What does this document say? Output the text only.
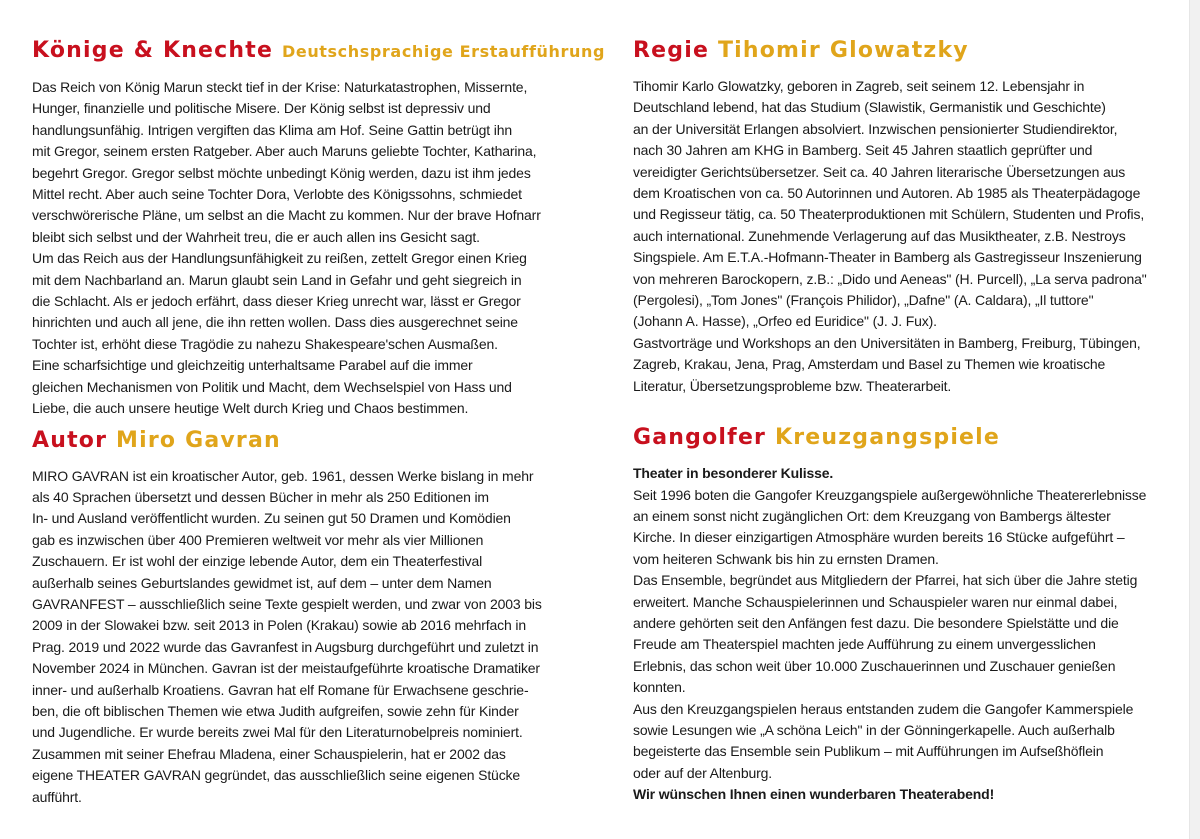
Könige & Knechte Deutschsprachige Erstaufführung

Das Reich von König Marun steckt tief in der Krise: Naturkatastrophen, Missernte,
Hunger, finanzielle und politische Misere. Der König selbst ist depressiv und
handlungsunfähig. Intrigen vergiften das Klima am Hof. Seine Gattin betrügt ihn
mit Gregor, seinem ersten Ratgeber. Aber auch Maruns geliebte Tochter, Katharina,
begehrt Gregor. Gregor selbst möchte unbedingt König werden, dazu ist ihm jedes
Mittel recht. Aber auch seine Tochter Dora, Verlobte des Königssohns, schmiedet
verschwörerische Pläne, um selbst an die Macht zu kommen. Nur der brave Hofnarr
bleibt sich selbst und der Wahrheit treu, die er auch allen ins Gesicht sagt.
Um das Reich aus der Handlungsunfähigkeit zu reißen, zettelt Gregor einen Krieg
mit dem Nachbarland an. Marun glaubt sein Land in Gefahr und geht siegreich in
die Schlacht. Als er jedoch erfährt, dass dieser Krieg unrecht war, lässt er Gregor
hinrichten und auch all jene, die ihn retten wollen. Dass dies ausgerechnet seine
Tochter ist, erhöht diese Tragödie zu nahezu Shakespeare'schen Ausmaßen.
Eine scharfsichtige und gleichzeitig unterhaltsame Parabel auf die immer
gleichen Mechanismen von Politik und Macht, dem Wechselspiel von Hass und
Liebe, die auch unsere heutige Welt durch Krieg und Chaos bestimmen.

Autor Miro Gavran

MIRO GAVRAN ist ein kroatischer Autor, geb. 1961, dessen Werke bislang in mehr
als 40 Sprachen übersetzt und dessen Bücher in mehr als 250 Editionen im
In- und Ausland veröffentlicht wurden. Zu seinen gut 50 Dramen und Komödien
gab es inzwischen über 400 Premieren weltweit vor mehr als vier Millionen
Zuschauern. Er ist wohl der einzige lebende Autor, dem ein Theaterfestival
außerhalb seines Geburtslandes gewidmet ist, auf dem – unter dem Namen
GAVRANFEST – ausschließlich seine Texte gespielt werden, und zwar von 2003 bis
2009 in der Slowakei bzw. seit 2013 in Polen (Krakau) sowie ab 2016 mehrfach in
Prag. 2019 und 2022 wurde das Gavranfest in Augsburg durchgeführt und zuletzt in
November 2024 in München. Gavran ist der meistaufgeführte kroatische Dramatiker
inner- und außerhalb Kroatiens. Gavran hat elf Romane für Erwachsene geschrie-
ben, die oft biblischen Themen wie etwa Judith aufgreifen, sowie zehn für Kinder
und Jugendliche. Er wurde bereits zwei Mal für den Literaturnobelpreis nominiert.
Zusammen mit seiner Ehefrau Mladena, einer Schauspielerin, hat er 2002 das
eigene THEATER GAVRAN gegründet, das ausschließlich seine eigenen Stücke
aufführt.

Regie Tihomir Glowatzky

Tihomir Karlo Glowatzky, geboren in Zagreb, seit seinem 12. Lebensjahr in
Deutschland lebend, hat das Studium (Slawistik, Germanistik und Geschichte)
an der Universität Erlangen absolviert. Inzwischen pensionierter Studiendirektor,
nach 30 Jahren am KHG in Bamberg. Seit 45 Jahren staatlich geprüfter und
vereidigter Gerichtsübersetzer. Seit ca. 40 Jahren literarische Übersetzungen aus
dem Kroatischen von ca. 50 Autorinnen und Autoren. Ab 1985 als Theaterpädagoge
und Regisseur tätig, ca. 50 Theaterproduktionen mit Schülern, Studenten und Profis,
auch international. Zunehmende Verlagerung auf das Musiktheater, z.B. Nestroys
Singspiele. Am E.T.A.-Hofmann-Theater in Bamberg als Gastregisseur Inszenierung
von mehreren Barockopern, z.B.: „Dido und Aeneas" (H. Purcell), „La serva padrona"
(Pergolesi), „Tom Jones" (François Philidor), „Dafne" (A. Caldara), „Il tuttore"
(Johann A. Hasse), „Orfeo ed Euridice" (J. J. Fux).
Gastvorträge und Workshops an den Universitäten in Bamberg, Freiburg, Tübingen,
Zagreb, Krakau, Jena, Prag, Amsterdam und Basel zu Themen wie kroatische
Literatur, Übersetzungsprobleme bzw. Theaterarbeit.

Gangolfer Kreuzgangspiele

Theater in besonderer Kulisse.
Seit 1996 boten die Gangofer Kreuzgangspiele außergewöhnliche Theatererlebnisse
an einem sonst nicht zugänglichen Ort: dem Kreuzgang von Bambergs ältester
Kirche. In dieser einzigartigen Atmosphäre wurden bereits 16 Stücke aufgeführt –
vom heiteren Schwank bis hin zu ernsten Dramen.
Das Ensemble, begründet aus Mitgliedern der Pfarrei, hat sich über die Jahre stetig
erweitert. Manche Schauspielerinnen und Schauspieler waren nur einmal dabei,
andere gehörten seit den Anfängen fest dazu. Die besondere Spielstätte und die
Freude am Theaterspiel machten jede Aufführung zu einem unvergesslichen
Erlebnis, das schon weit über 10.000 Zuschauerinnen und Zuschauer genießen
konnten.
Aus den Kreuzgangspielen heraus entstanden zudem die Gangofer Kammerspiele
sowie Lesungen wie „A schöna Leich" in der Gönningerkapelle. Auch außerhalb
begeisterte das Ensemble sein Publikum – mit Aufführungen im Aufseßhöflein
oder auf der Altenburg.
Wir wünschen Ihnen einen wunderbaren Theaterabend!
